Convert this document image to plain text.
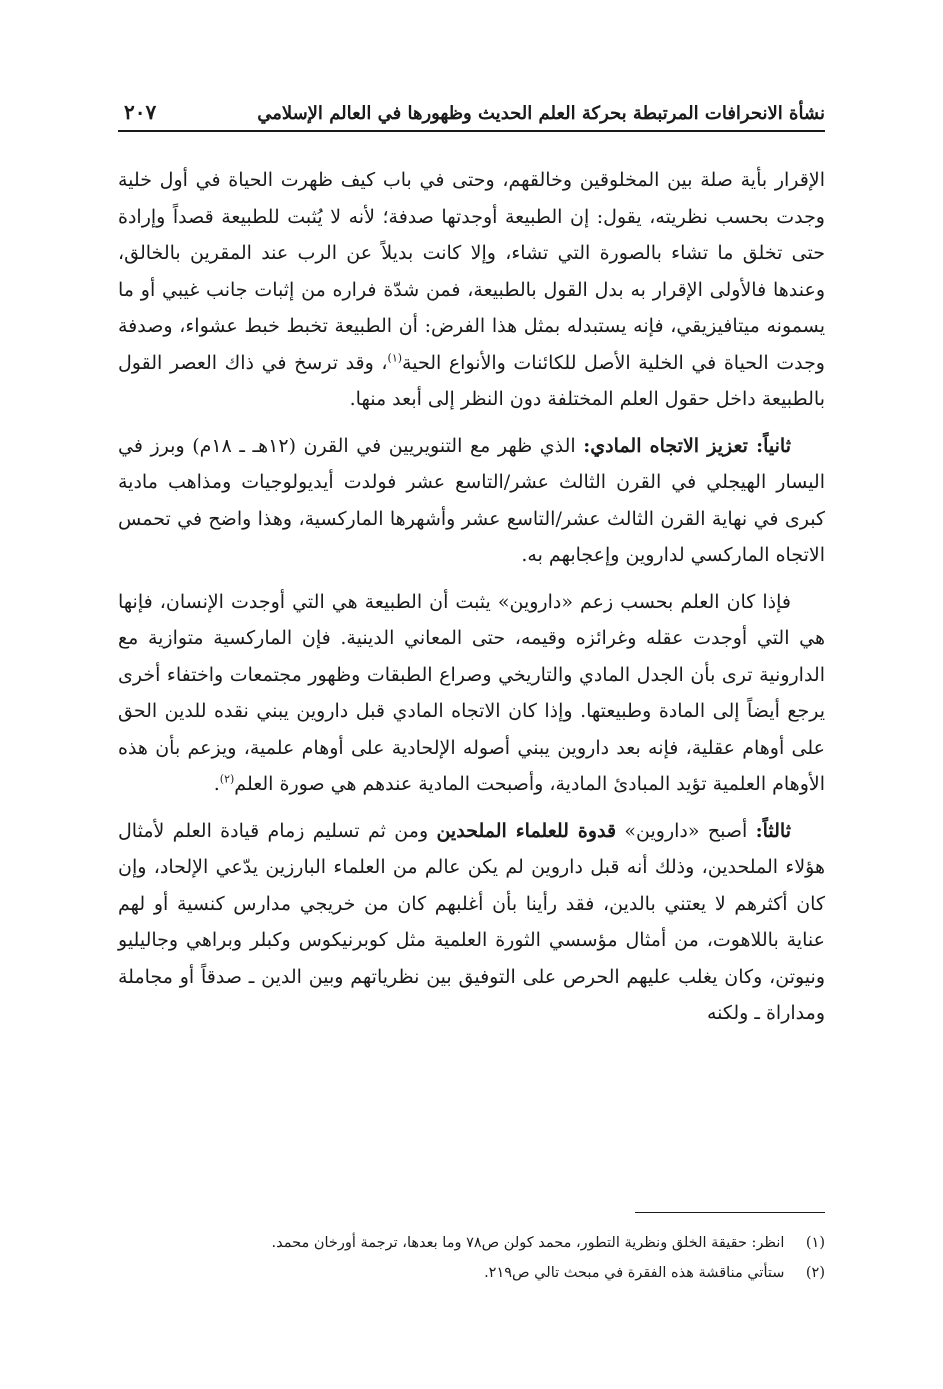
نشأة الانحرافات المرتبطة بحركة العلم الحديث وظهورها في العالم الإسلامي
٢٠٧

الإقرار بأية صلة بين المخلوقين وخالقهم، وحتى في باب كيف ظهرت الحياة في أول خلية وجدت بحسب نظريته، يقول: إن الطبيعة أوجدتها صدفة؛ لأنه لا يُثبت للطبيعة قصداً وإرادة حتى تخلق ما تشاء بالصورة التي تشاء، وإلا كانت بديلاً عن الرب عند المقرين بالخالق، وعندها فالأولى الإقرار به بدل القول بالطبيعة، فمن شدّة فراره من إثبات جانب غيبي أو ما يسمونه ميتافيزيقي، فإنه يستبدله بمثل هذا الفرض: أن الطبيعة تخبط خبط عشواء، وصدفة وجدت الحياة في الخلية الأصل للكائنات والأنواع الحية$^{(١)}$، وقد ترسخ في ذاك العصر القول بالطبيعة داخل حقول العلم المختلفة دون النظر إلى أبعد منها.

ثانياً: تعزيز الاتجاه المادي: الذي ظهر مع التنويريين في القرن (١٢هـ ـ ١٨م) وبرز في اليسار الهيجلي في القرن الثالث عشر/التاسع عشر فولدت أيديولوجيات ومذاهب مادية كبرى في نهاية القرن الثالث عشر/التاسع عشر وأشهرها الماركسية، وهذا واضح في تحمس الاتجاه الماركسي لداروين وإعجابهم به.

فإذا كان العلم بحسب زعم «داروين» يثبت أن الطبيعة هي التي أوجدت الإنسان، فإنها هي التي أوجدت عقله وغرائزه وقيمه، حتى المعاني الدينية. فإن الماركسية متوازية مع الدارونية ترى بأن الجدل المادي والتاريخي وصراع الطبقات وظهور مجتمعات واختفاء أخرى يرجع أيضاً إلى المادة وطبيعتها. وإذا كان الاتجاه المادي قبل داروين يبني نقده للدين الحق على أوهام عقلية، فإنه بعد داروين يبني أصوله الإلحادية على أوهام علمية، ويزعم بأن هذه الأوهام العلمية تؤيد المبادئ المادية، وأصبحت المادية عندهم هي صورة العلم$^{(٢)}$.

ثالثاً: أصبح «داروين» قدوة للعلماء الملحدين ومن ثم تسليم زمام قيادة العلم لأمثال هؤلاء الملحدين، وذلك أنه قبل داروين لم يكن عالم من العلماء البارزين يدّعي الإلحاد، وإن كان أكثرهم لا يعتني بالدين، فقد رأينا بأن أغلبهم كان من خريجي مدارس كنسية أو لهم عناية باللاهوت، من أمثال مؤسسي الثورة العلمية مثل كوبرنيكوس وكبلر وبراهي وجاليليو ونيوتن، وكان يغلب عليهم الحرص على التوفيق بين نظرياتهم وبين الدين ـ صدقاً أو مجاملة ومداراة ـ ولكنه

(١) انظر: حقيقة الخلق ونظرية التطور، محمد كولن ص٧٨ وما بعدها، ترجمة أورخان محمد.
(٢) ستأتي مناقشة هذه الفقرة في مبحث تالي ص٢١٩.
